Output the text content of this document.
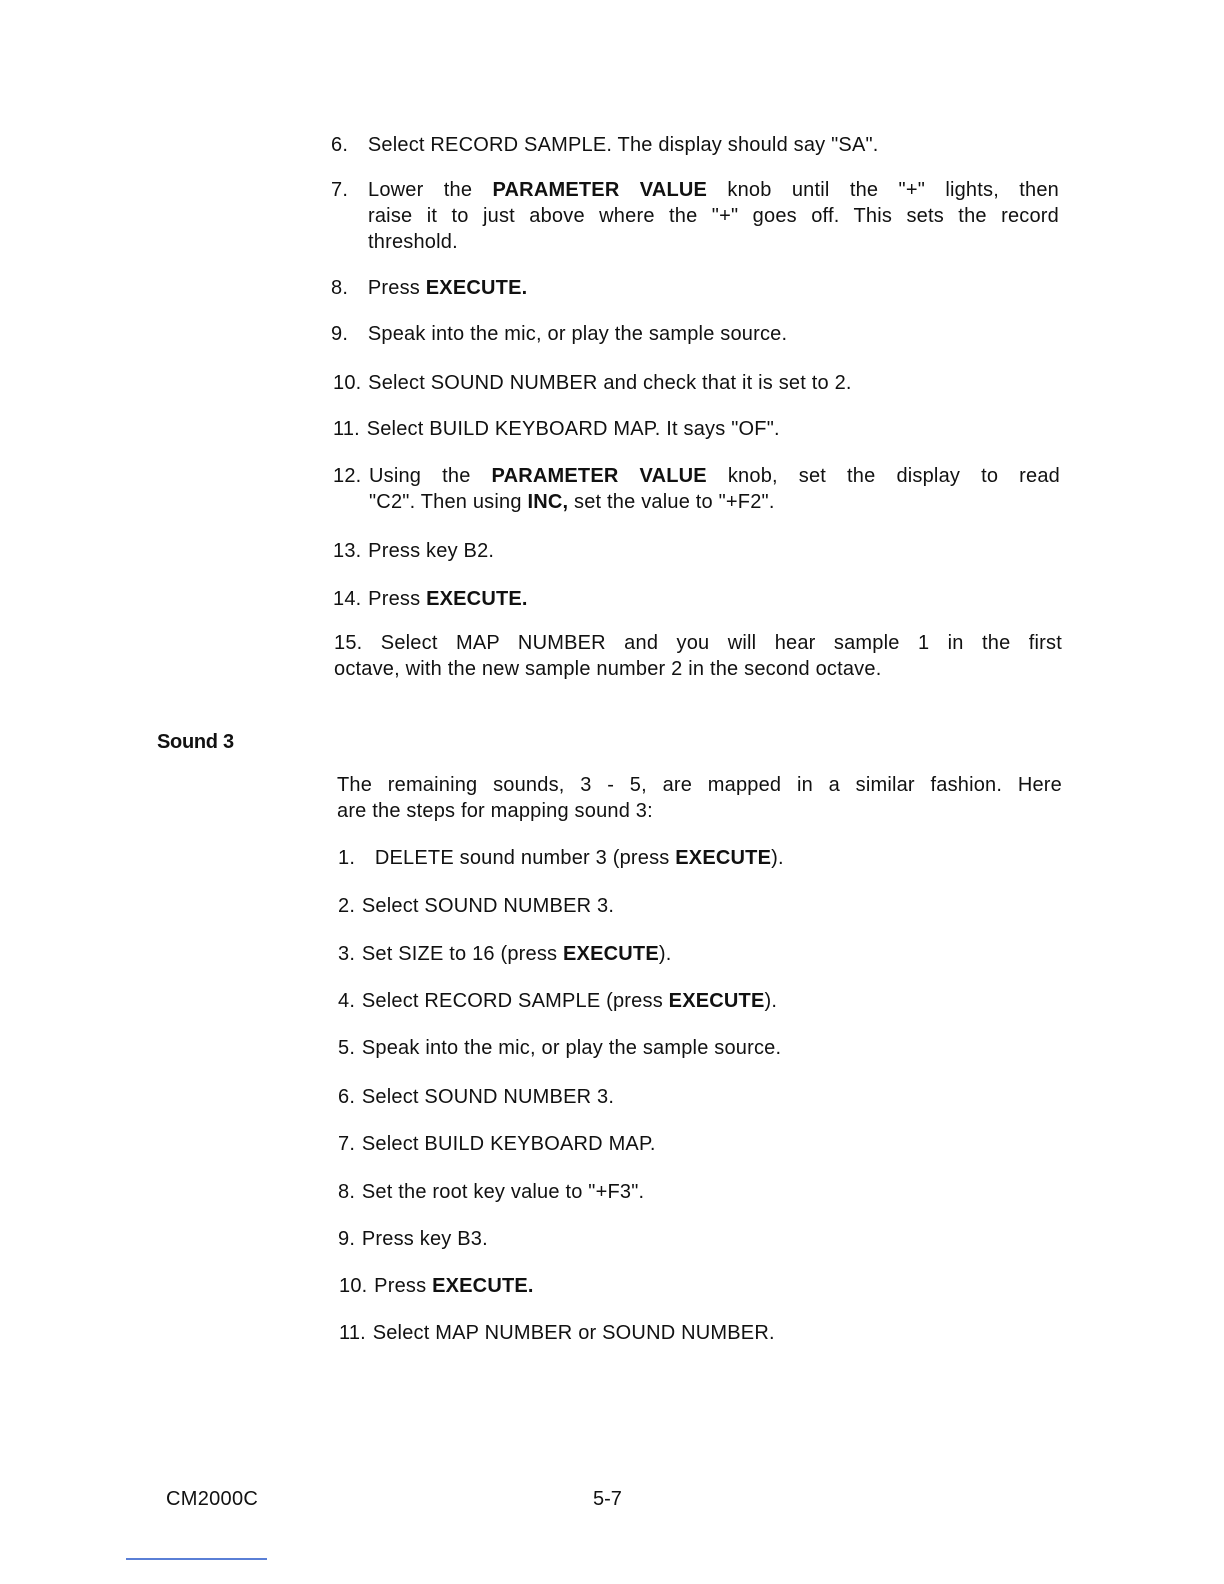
6. Select RECORD SAMPLE. The display should say "SA".
7. Lower the PARAMETER VALUE knob until the "+" lights, then
raise it to just above where the "+" goes off. This sets the record
threshold.
8. Press EXECUTE.
9. Speak into the mic, or play the sample source.
10. Select SOUND NUMBER and check that it is set to 2.
11. Select BUILD KEYBOARD MAP. It says "OF".
12. Using the PARAMETER VALUE knob, set the display to read
"C2". Then using INC, set the value to "+F2".
13. Press key B2.
14. Press EXECUTE.
15. Select MAP NUMBER and you will hear sample 1 in the first
octave, with the new sample number 2 in the second octave.
Sound 3
The remaining sounds, 3 - 5, are mapped in a similar fashion. Here
are the steps for mapping sound 3:
1. DELETE sound number 3 (press EXECUTE).
2. Select SOUND NUMBER 3.
3. Set SIZE to 16 (press EXECUTE).
4. Select RECORD SAMPLE (press EXECUTE).
5. Speak into the mic, or play the sample source.
6. Select SOUND NUMBER 3.
7. Select BUILD KEYBOARD MAP.
8. Set the root key value to "+F3".
9. Press key B3.
10. Press EXECUTE.
11. Select MAP NUMBER or SOUND NUMBER.
CM2000C	5-7
